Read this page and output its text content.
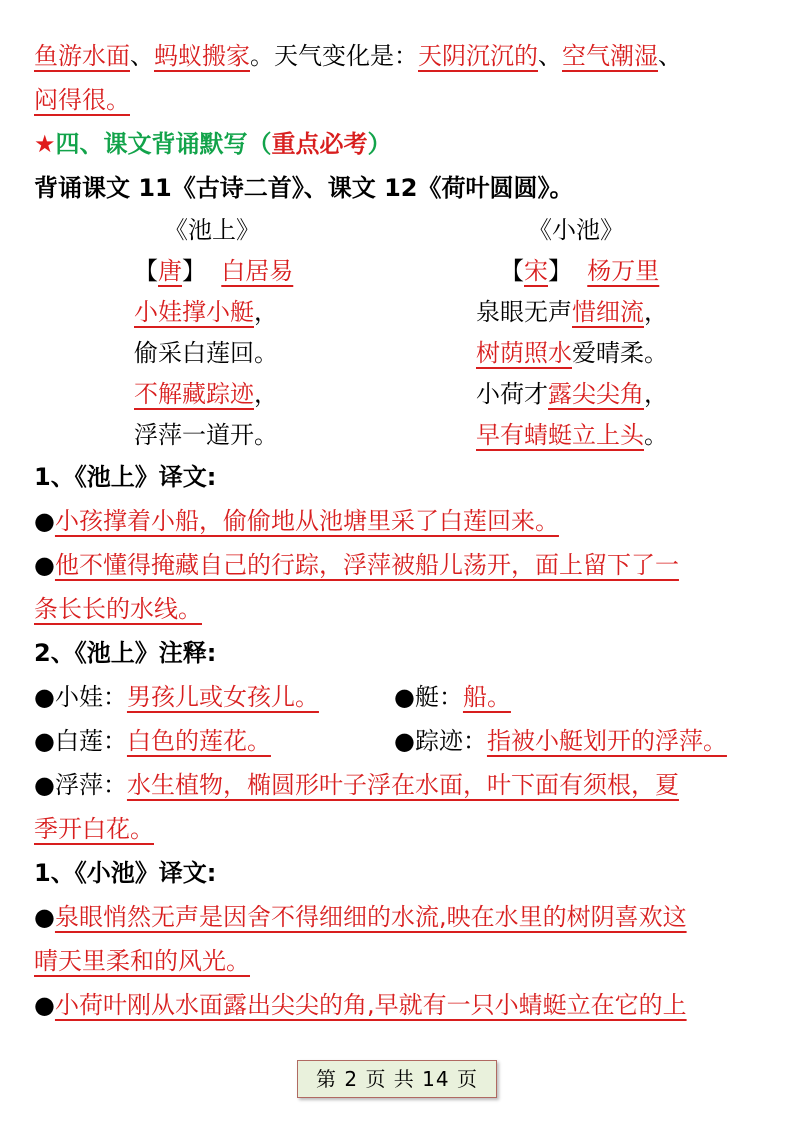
鱼游水面、蚂蚁搬家。天气变化是：天阴沉沉的、空气潮湿、
闷得很。
★四、课文背诵默写（重点必考）
背诵课文 11《古诗二首》、课文 12《荷叶圆圆》。
《池上》
【唐】 白居易
小娃撑小艇，
偷采白莲回。
不解藏踪迹，
浮萍一道开。
《小池》
【宋】 杨万里
泉眼无声惜细流，
树荫照水爱晴柔。
小荷才露尖尖角，
早有蜻蜓立上头。
1、《池上》译文:
●小孩撑着小船，偷偷地从池塘里采了白莲回来。
●他不懂得掩藏自己的行踪，浮萍被船儿荡开，面上留下了一
条长长的水线。
2、《池上》注释:
●小娃：男孩儿或女孩儿。	●艇：船。
●白莲：白色的莲花。	●踪迹：指被小艇划开的浮萍。
●浮萍：水生植物，椭圆形叶子浮在水面，叶下面有须根，夏
季开白花。
1、《小池》译文:
●泉眼悄然无声是因舍不得细细的水流,映在水里的树阴喜欢这
晴天里柔和的风光。
●小荷叶刚从水面露出尖尖的角,早就有一只小蜻蜓立在它的上
第 2 页 共 14 页
